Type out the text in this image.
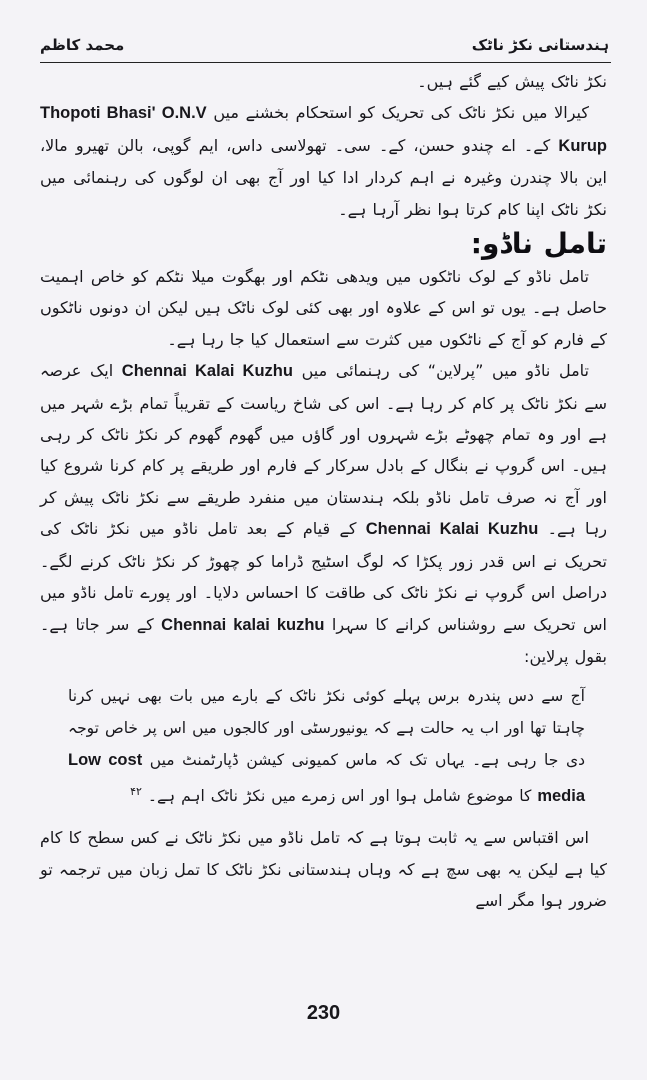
ہندستانی نکڑ ناٹک
محمد کاظم

نکڑ ناٹک پیش کیے گئے ہیں۔

کیرالا میں نکڑ ناٹک کی تحریک کو استحکام بخشنے میں Thopoti Bhasi' O.N.V Kurup کے۔ اے چندو حسن، کے۔ سی۔ تھولاسی داس، ایم گوپی، بالن تھیرو مالا، این بالا چندرن وغیرہ نے اہم کردار ادا کیا اور آج بھی ان لوگوں کی رہنمائی میں نکڑ ناٹک اپنا کام کرتا ہوا نظر آرہا ہے۔

تامل ناڈو:

تامل ناڈو کے لوک ناٹکوں میں ویدھی نٹکم اور بھگوت میلا نٹکم کو خاص اہمیت حاصل ہے۔ یوں تو اس کے علاوہ اور بھی کئی لوک ناٹک ہیں لیکن ان دونوں ناٹکوں کے فارم کو آج کے ناٹکوں میں کثرت سے استعمال کیا جا رہا ہے۔

تامل ناڈو میں ”پرلاین“ کی رہنمائی میں Chennai Kalai Kuzhu ایک عرصہ سے نکڑ ناٹک پر کام کر رہا ہے۔ اس کی شاخ ریاست کے تقریباً تمام بڑے شہر میں ہے اور وہ تمام چھوٹے بڑے شہروں اور گاؤں میں گھوم گھوم کر نکڑ ناٹک کر رہی ہیں۔ اس گروپ نے بنگال کے بادل سرکار کے فارم اور طریقے پر کام کرنا شروع کیا اور آج نہ صرف تامل ناڈو بلکہ ہندستان میں منفرد طریقے سے نکڑ ناٹک پیش کر رہا ہے۔ Chennai Kalai Kuzhu کے قیام کے بعد تامل ناڈو میں نکڑ ناٹک کی تحریک نے اس قدر زور پکڑا کہ لوگ اسٹیج ڈراما کو چھوڑ کر نکڑ ناٹک کرنے لگے۔ دراصل اس گروپ نے نکڑ ناٹک کی طاقت کا احساس دلایا۔ اور پورے تامل ناڈو میں اس تحریک سے روشناس کرانے کا سہرا Chennai kalai kuzhu کے سر جاتا ہے۔ بقول پرلاین:

آج سے دس پندرہ برس پہلے کوئی نکڑ ناٹک کے بارے میں بات بھی نہیں کرنا چاہتا تھا اور اب یہ حالت ہے کہ یونیورسٹی اور کالجوں میں اس پر خاص توجہ دی جا رہی ہے۔ یہاں تک کہ ماس کمیونی کیشن ڈپارٹمنٹ میں Low cost media کا موضوع شامل ہوا اور اس زمرے میں نکڑ ناٹک اہم ہے۔ $^{۴۲}$

اس اقتباس سے یہ ثابت ہوتا ہے کہ تامل ناڈو میں نکڑ ناٹک نے کس سطح کا کام کیا ہے لیکن یہ بھی سچ ہے کہ وہاں ہندستانی نکڑ ناٹک کا تمل زبان میں ترجمہ تو ضرور ہوا مگر اسے

230
